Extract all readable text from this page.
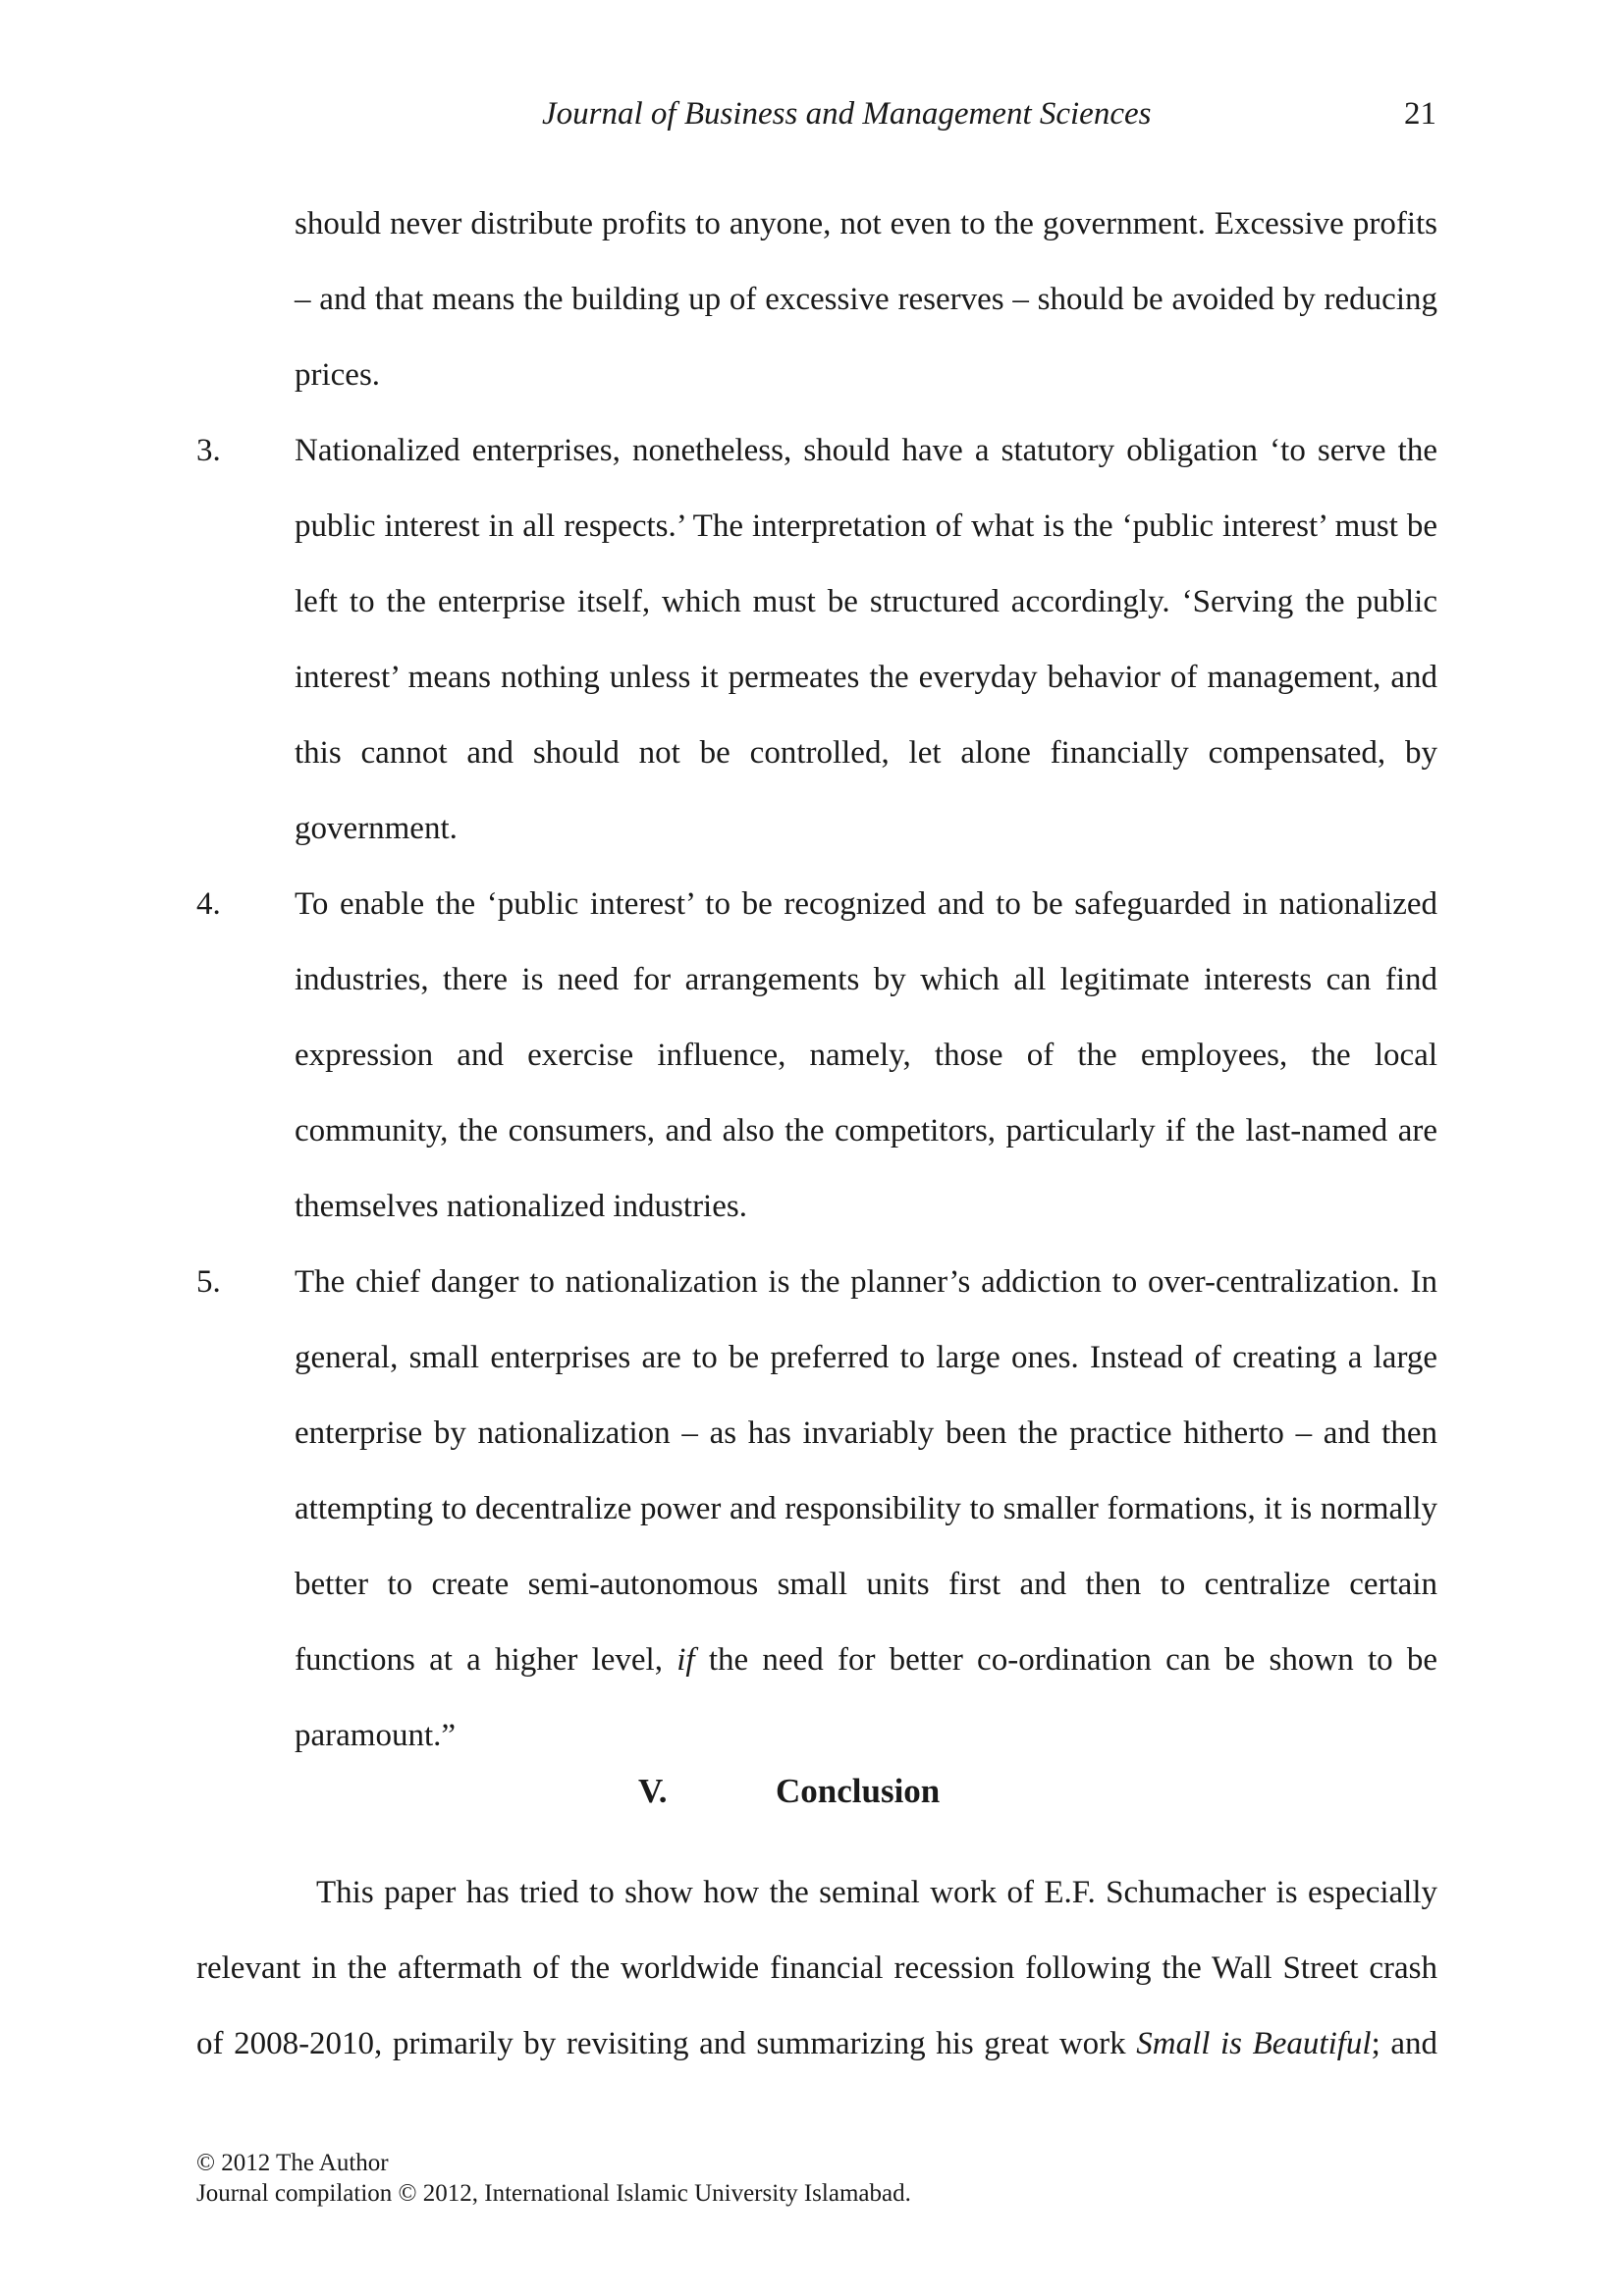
Journal of Business and Management Sciences	21
should never distribute profits to anyone, not even to the government. Excessive profits – and that means the building up of excessive reserves – should be avoided by reducing prices.
3. Nationalized enterprises, nonetheless, should have a statutory obligation ‘to serve the public interest in all respects.’ The interpretation of what is the ‘public interest’ must be left to the enterprise itself, which must be structured accordingly. ‘Serving the public interest’ means nothing unless it permeates the everyday behavior of management, and this cannot and should not be controlled, let alone financially compensated, by government.
4. To enable the ‘public interest’ to be recognized and to be safeguarded in nationalized industries, there is need for arrangements by which all legitimate interests can find expression and exercise influence, namely, those of the employees, the local community, the consumers, and also the competitors, particularly if the last-named are themselves nationalized industries.
5. The chief danger to nationalization is the planner’s addiction to over-centralization. In general, small enterprises are to be preferred to large ones. Instead of creating a large enterprise by nationalization – as has invariably been the practice hitherto – and then attempting to decentralize power and responsibility to smaller formations, it is normally better to create semi-autonomous small units first and then to centralize certain functions at a higher level, if the need for better co-ordination can be shown to be paramount.”
V.	Conclusion
This paper has tried to show how the seminal work of E.F. Schumacher is especially relevant in the aftermath of the worldwide financial recession following the Wall Street crash of 2008-2010, primarily by revisiting and summarizing his great work Small is Beautiful; and
© 2012 The Author
Journal compilation © 2012, International Islamic University Islamabad.
